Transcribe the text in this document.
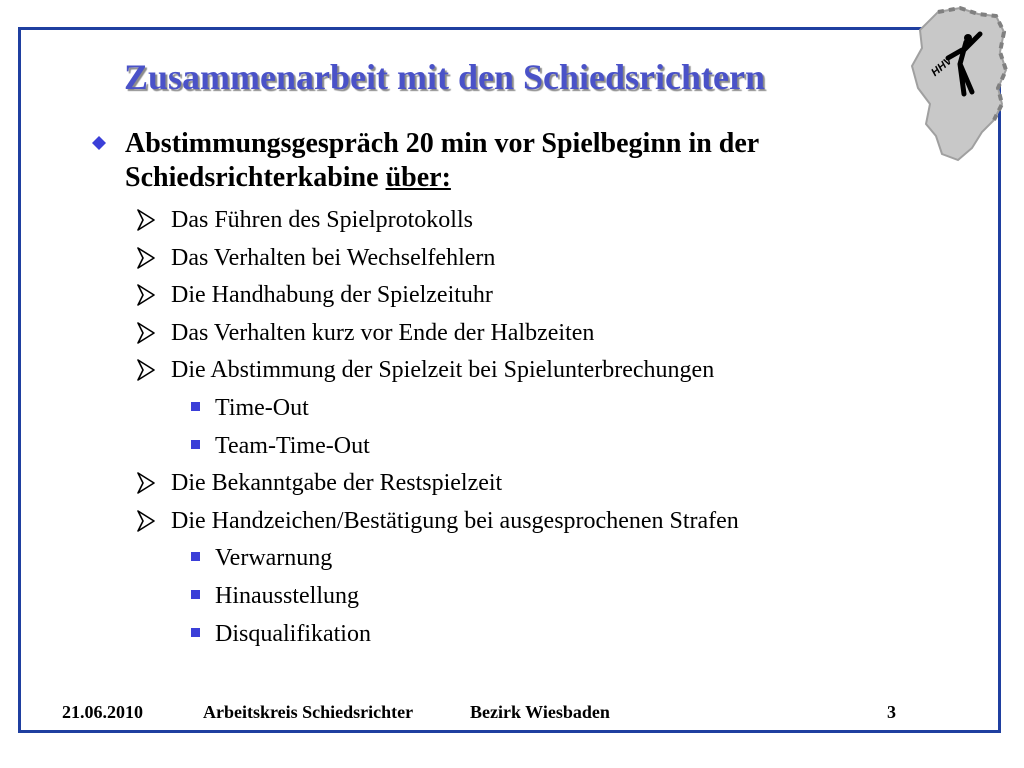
HHV
Zusammenarbeit mit den Schiedsrichtern
Abstimmungsgespräch 20 min vor Spielbeginn in der Schiedsrichterkabine über:
Das Führen des Spielprotokolls
Das Verhalten bei Wechselfehlern
Die Handhabung der Spielzeituhr
Das Verhalten kurz vor Ende der Halbzeiten
Die Abstimmung der Spielzeit bei Spielunterbrechungen
Time-Out
Team-Time-Out
Die Bekanntgabe der Restspielzeit
Die Handzeichen/Bestätigung bei ausgesprochenen Strafen
Verwarnung
Hinausstellung
Disqualifikation
21.06.2010	Arbeitskreis Schiedsrichter	Bezirk Wiesbaden	3
